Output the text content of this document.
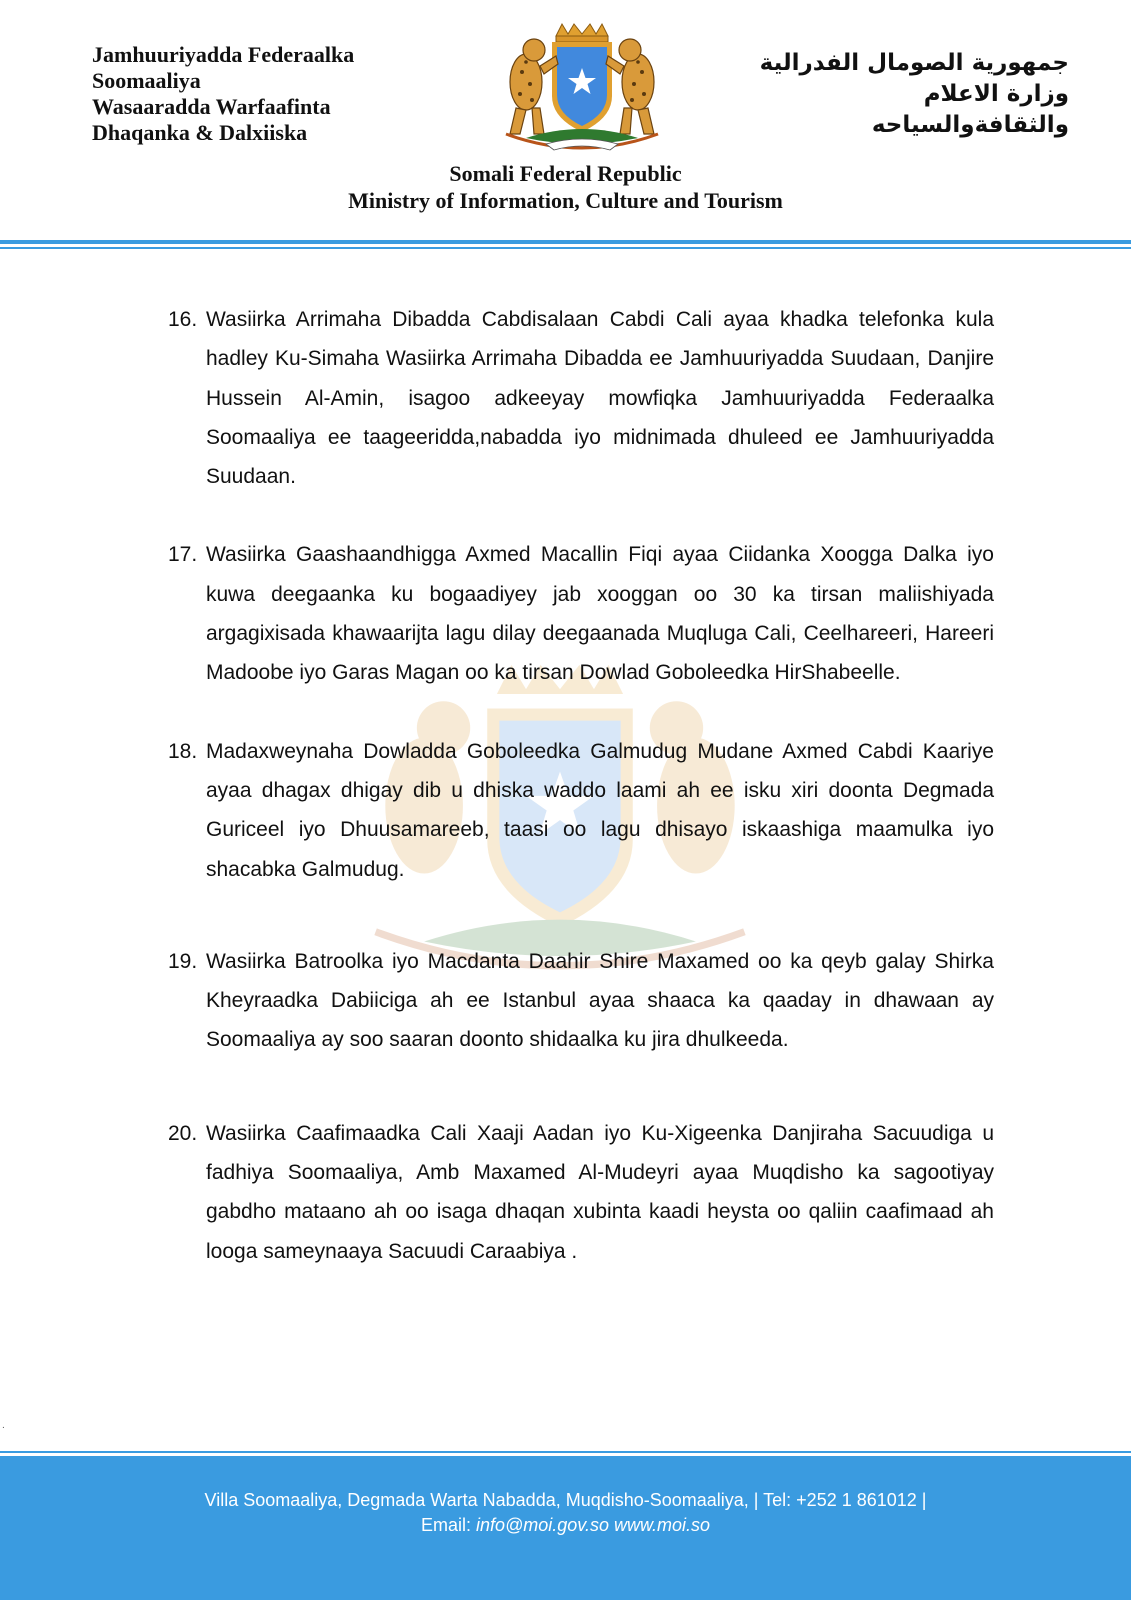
Jamhuuriyadda Federaalka
Soomaaliya
Wasaaradda Warfaafinta
Dhaqanka & Dalxiiska
جمهورية الصومال الفدرالية
وزارة الاعلام
والثقافةوالسياحه
Somali Federal Republic
Ministry of Information, Culture and Tourism
16. Wasiirka Arrimaha Dibadda Cabdisalaan Cabdi Cali ayaa khadka telefonka kula hadley Ku-Simaha Wasiirka Arrimaha Dibadda ee Jamhuuriyadda Suudaan, Danjire Hussein Al-Amin, isagoo adkeeyay mowfiqka Jamhuuriyadda Federaalka Soomaaliya ee taageeridda,nabadda iyo midnimada dhuleed ee Jamhuuriyadda Suudaan.
17. Wasiirka Gaashaandhigga Axmed Macallin Fiqi ayaa Ciidanka Xoogga Dalka iyo kuwa deegaanka ku bogaadiyey jab xooggan oo 30 ka tirsan maliishiyada argagixisada khawaarijta lagu dilay deegaanada Muqluga Cali, Ceelhareeri, Hareeri Madoobe iyo Garas Magan oo ka tirsan Dowlad Goboleedka HirShabeelle.
18. Madaxweynaha Dowladda Goboleedka Galmudug Mudane Axmed Cabdi Kaariye ayaa dhagax dhigay dib u dhiska waddo laami ah ee isku xiri doonta Degmada Guriceel iyo Dhuusamareeb, taasi oo lagu dhisayo iskaashiga maamulka iyo shacabka Galmudug.
19. Wasiirka Batroolka iyo Macdanta Daahir Shire Maxamed oo ka qeyb galay Shirka Kheyraadka Dabiiciga ah ee Istanbul ayaa shaaca ka qaaday in dhawaan ay Soomaaliya ay soo saaran doonto shidaalka ku jira dhulkeeda.
20. Wasiirka Caafimaadka Cali Xaaji Aadan iyo Ku-Xigeenka Danjiraha Sacuudiga u fadhiya Soomaaliya, Amb Maxamed Al-Mudeyri ayaa Muqdisho ka sagootiyay gabdho mataano ah oo isaga dhaqan xubinta kaadi heysta oo qaliin caafimaad ah looga sameynaaya Sacuudi Caraabiya .
.
Villa Soomaaliya, Degmada Warta Nabadda, Muqdisho-Soomaaliya, | Tel: +252 1 861012 |
Email: info@moi.gov.so www.moi.so
